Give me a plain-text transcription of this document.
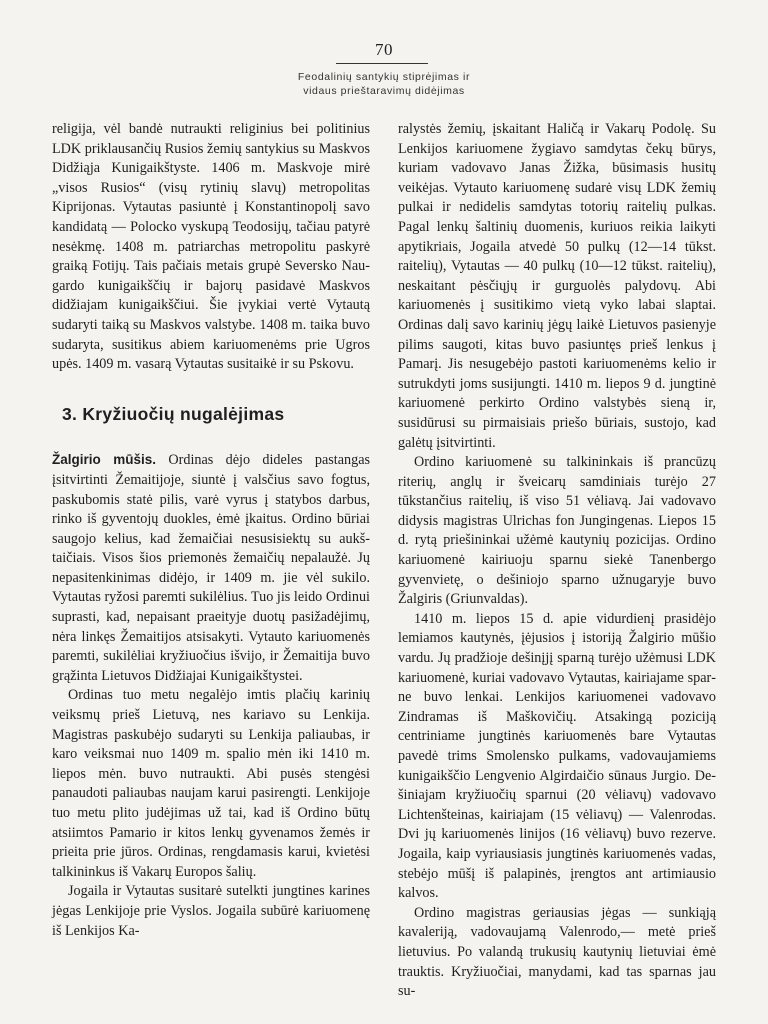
70
Feodalinių santykių stiprėjimas ir
vidaus prieštaravimų didėjimas

religija, vėl bandė nutraukti religinius bei politinius LDK priklausančių Rusios žemių santykius su Maskvos Didžiąja Kunigaikštyste. 1406 m. Maskvoje mirė „visos Rusios“ (visų rytinių slavų) metropolitas Kiprijonas. Vytautas pasiuntė į Konstantinopolį savo kandidatą — Polocko vyskupą Teodosijų, tačiau patyrė nesėkmę. 1408 m. patriarchas metropolitu paskyrė graiką Fotijų. Tais pačiais metais grupė Seversko Naugardo kunigaikščių ir bajorų pasidavė Maskvos didžiajam kunigaikščiui. Šie įvykiai vertė Vytautą sudaryti taiką su Maskvos valstybe. 1408 m. taika buvo sudaryta, susitikus abiem kariuomenėms prie Ugros upės. 1409 m. vasarą Vytautas susitaikė ir su Pskovu.

3. Kryžiuočių nugalėjimas

Žalgirio mūšis. Ordinas dėjo dideles pastangas įsitvirtinti Žemaitijoje, siuntė į valsčius savo fogtus, paskubomis statė pilis, varė vyrus į statybos darbus, rinko iš gyventojų duokles, ėmė įkaitus. Ordino būriai saugojo kelius, kad žemaičiai nesusisiektų su aukštaičiais. Visos šios priemonės žemaičių nepalaužė. Jų nepasitenkinimas didėjo, ir 1409 m. jie vėl sukilo. Vytautas ryžosi paremti sukilėlius. Tuo jis leido Ordinui suprasti, kad, nepaisant praeityje duotų pasižadėjimų, nėra linkęs Žemaitijos atsisakyti. Vytauto kariuomenės paremti, sukilėliai kryžiuočius išvijo, ir Žemaitija buvo grąžinta Lietuvos Didžiajai Kunigaikštystei.

Ordinas tuo metu negalėjo imtis plačių karinių veiksmų prieš Lietuvą, nes kariavo su Lenkija. Magistras paskubėjo sudaryti su Lenkija paliaubas, ir karo veiksmai nuo 1409 m. spalio mėn iki 1410 m. liepos mėn. buvo nutraukti. Abi pusės stengėsi panaudoti paliaubas naujam karui pasirengti. Lenkijoje tuo metu plito judėjimas už tai, kad iš Ordino būtų atsiimtos Pamario ir kitos lenkų gyvenamos žemės ir prieita prie jūros. Ordinas, rengdamasis karui, kvietėsi talkininkus iš Vakarų Europos šalių.

Jogaila ir Vytautas susitarė sutelkti jungtines karines jėgas Lenkijoje prie Vyslos. Jogaila subūrė kariuomenę iš Lenkijos Ka-

ralystės žemių, įskaitant Haličą ir Vakarų Podolę. Su Lenkijos kariuomene žygiavo samdytas čekų būrys, kuriam vadovavo Janas Žižka, būsimasis husitų veikėjas. Vytauto kariuomenę sudarė visų LDK žemių pulkai ir nedidelis samdytas totorių raitelių pulkas. Pagal lenkų šaltinių duomenis, kuriuos reikia laikyti apytikriais, Jogaila atvedė 50 pulkų (12—14 tūkst. raitelių), Vytautas — 40 pulkų (10—12 tūkst. raitelių), neskaitant pėsčiųjų ir gurguolės palydovų. Abi kariuomenės į susitikimo vietą vyko labai slaptai. Ordinas dalį savo karinių jėgų laikė Lietuvos pasienyje pilims saugoti, kitas buvo pasiuntęs prieš lenkus į Pamarį. Jis nesugebėjo pastoti kariuomenėms kelio ir sutrukdyti joms susijungti. 1410 m. liepos 9 d. jungtinė kariuomenė perkirto Ordino valstybės sieną ir, susidūrusi su pirmaisiais priešo būriais, sustojo, kad galėtų įsitvirtinti.

Ordino kariuomenė su talkininkais iš prancūzų riterių, anglų ir šveicarų samdiniais turėjo 27 tūkstančius raitelių, iš viso 51 vėliavą. Jai vadovavo didysis magistras Ulrichas fon Jungingenas. Liepos 15 d. rytą priešininkai užėmė kautynių pozicijas. Ordino kariuomenė kairiuoju sparnu siekė Tanenbergo gyvenvietę, o dešiniojo sparno užnugaryje buvo Žalgiris (Griunvaldas).

1410 m. liepos 15 d. apie vidurdienį prasidėjo lemiamos kautynės, įėjusios į istoriją Žalgirio mūšio vardu. Jų pradžioje dešinįjį sparną turėjo užėmusi LDK kariuomenė, kuriai vadovavo Vytautas, kairiajame sparne buvo lenkai. Lenkijos kariuomenei vadovavo Zindramas iš Maškovičių. Atsakingą poziciją centriniame jungtinės kariuomenės bare Vytautas pavedė trims Smolensko pulkams, vadovaujamiems kunigaikščio Lengvenio Algirdaičio sūnaus Jurgio. Dešiniajam kryžiuočių sparnui (20 vėliavų) vadovavo Lichtenšteinas, kairiajam (15 vėliavų) — Valenrodas. Dvi jų kariuomenės linijos (16 vėliavų) buvo rezerve. Jogaila, kaip vyriausiasis jungtinės kariuomenės vadas, stebėjo mūšį iš palapinės, įrengtos ant artimiausio kalvos.

Ordino magistras geriausias jėgas — sunkiąją kavaleriją, vadovaujamą Valenrodo,— metė prieš lietuvius. Po valandą trukusių kautynių lietuviai ėmė trauktis. Kryžiuočiai, manydami, kad tas sparnas jau su-
